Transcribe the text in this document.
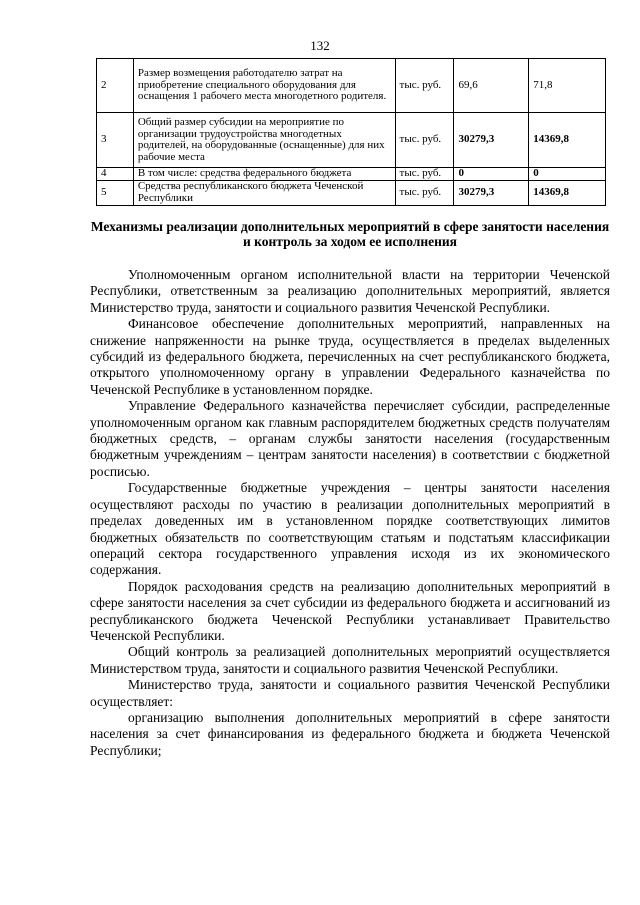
132
2	Размер возмещения работодателю затрат на приобретение специального оборудования для оснащения 1 рабочего места многодетного родителя.	тыс. руб.	69,6	71,8
3	Общий размер субсидии на мероприятие по организации трудоустройства многодетных родителей, на оборудованные (оснащенные) для них рабочие места	тыс. руб.	30279,3	14369,8
4	В том числе: средства федерального бюджета	тыс. руб.	0	0
5	Средства республиканского бюджета Чеченской Республики	тыс. руб.	30279,3	14369,8
Механизмы реализации дополнительных мероприятий в сфере занятости населения и контроль за ходом ее исполнения

Уполномоченным органом исполнительной власти на территории Чеченской Республики, ответственным за реализацию дополнительных мероприятий, является Министерство труда, занятости и социального развития Чеченской Республики.

Финансовое обеспечение дополнительных мероприятий, направленных на снижение напряженности на рынке труда, осуществляется в пределах выделенных субсидий из федерального бюджета, перечисленных на счет республиканского бюджета, открытого уполномоченному органу в управлении Федерального казначейства по Чеченской Республике в установленном порядке.

Управление Федерального казначейства перечисляет субсидии, распределенные уполномоченным органом как главным распорядителем бюджетных средств получателям бюджетных средств, – органам службы занятости населения (государственным бюджетным учреждениям – центрам занятости населения) в соответствии с бюджетной росписью.

Государственные бюджетные учреждения – центры занятости населения осуществляют расходы по участию в реализации дополнительных мероприятий в пределах доведенных им в установленном порядке соответствующих лимитов бюджетных обязательств по соответствующим статьям и подстатьям классификации операций сектора государственного управления исходя из их экономического содержания.

Порядок расходования средств на реализацию дополнительных мероприятий в сфере занятости населения за счет субсидии из федерального бюджета и ассигнований из республиканского бюджета Чеченской Республики устанавливает Правительство Чеченской Республики.

Общий контроль за реализацией дополнительных мероприятий осуществляется Министерством труда, занятости и социального развития Чеченской Республики.

Министерство труда, занятости и социального развития Чеченской Республики осуществляет:

организацию выполнения дополнительных мероприятий в сфере занятости населения за счет финансирования из федерального бюджета и бюджета Чеченской Республики;
